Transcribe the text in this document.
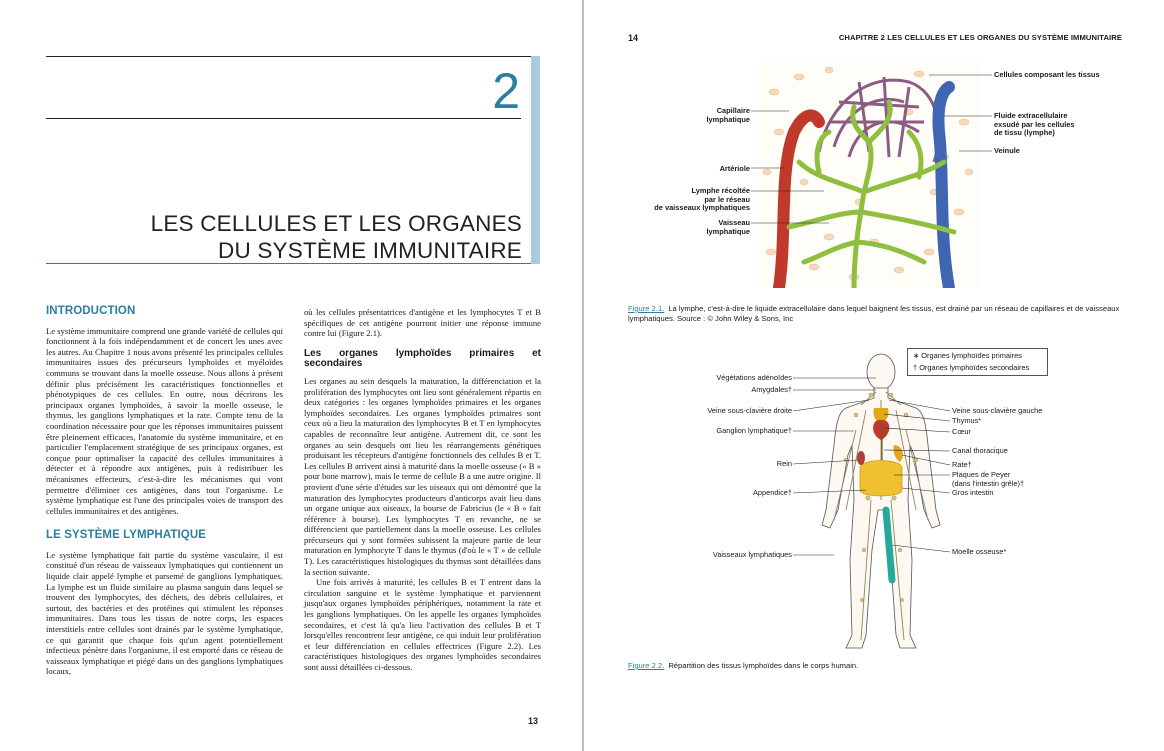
2
LES CELLULES ET LES ORGANES
DU SYSTÈME IMMUNITAIRE
INTRODUCTION

Le système immunitaire comprend une grande variété de cellules qui fonctionnent à la fois indépendamment et de concert les unes avec les autres. Au Chapitre 1 nous avons présenté les principales cellules immunitaires issues des précurseurs lymphoïdes et myéloïdes communs se trouvant dans la moelle osseuse. Nous allons à présent définir plus précisément les caractéristiques fonctionnelles et phénotypiques de ces cellules. En outre, nous décrirons les principaux organes lymphoïdes, à savoir la moelle osseuse, le thymus, les ganglions lymphatiques et la rate. Compte tenu de la coordination nécessaire pour que les réponses immunitaires puissent être pleinement efficaces, l'anatomie du système immunitaire, et en particulier l'emplacement stratégique de ses principaux organes, est conçue pour optimaliser la capacité des cellules immunitaires à détecter et à répondre aux antigènes, puis à redistribuer les mécanismes effecteurs, c'est-à-dire les mécanismes qui vont permettre d'éliminer ces antigènes, dans tout l'organisme. Le système lymphatique est l'une des principales voies de transport des cellules immunitaires et des antigènes.

LE SYSTÈME LYMPHATIQUE

Le système lymphatique fait partie du système vasculaire, il est constitué d'un réseau de vaisseaux lymphatiques qui contiennent un liquide clair appelé lymphe et parsemé de ganglions lymphatiques. La lymphe est un fluide similaire au plasma sanguin dans lequel se trouvent des lymphocytes, des déchets, des débris cellulaires, et surtout, des bactéries et des protéines qui stimulent les réponses immunitaires. Dans tous les tissus de notre corps, les espaces interstitiels entre cellules sont drainés par le système lymphatique, ce qui garantit que chaque fois qu'un agent potentiellement infectieux pénètre dans l'organisme, il est emporté dans ce réseau de vaisseaux lymphatique et piégé dans un des ganglions lymphatiques locaux,

où les cellules présentatrices d'antigène et les lymphocytes T et B spécifiques de cet antigène pourront initier une réponse immune contre lui (Figure 2.1).

Les organes lymphoïdes primaires et secondaires

Les organes au sein desquels la maturation, la différenciation et la prolifération des lymphocytes ont lieu sont généralement répartis en deux catégories : les organes lymphoïdes primaires et les organes lymphoïdes secondaires. Les organes lymphoïdes primaires sont ceux où a lieu la maturation des lymphocytes B et T en lymphocytes capables de reconnaître leur antigène. Autrement dit, ce sont les organes au sein desquels ont lieu les réarrangements génétiques produisant les récepteurs d'antigène fonctionnels des cellules B et T. Les cellules B arrivent ainsi à maturité dans la moelle osseuse (« B » pour bone marrow), mais le terme de cellule B a une autre origine. Il provient d'une série d'études sur les oiseaux qui ont démontré que la maturation des lymphocytes producteurs d'anticorps avait lieu dans un organe unique aux oiseaux, la bourse de Fabricius (le « B » fait référence à bourse). Les lymphocytes T en revanche, ne se différencient que partiellement dans la moelle osseuse. Les cellules précurseurs qui y sont formées subissent la majeure partie de leur maturation en lymphocyte T dans le thymus (d'où le « T » de cellule T). Les caractéristiques histologiques du thymus sont détaillées dans la section suivante.

Une fois arrivés à maturité, les cellules B et T entrent dans la circulation sanguine et le système lymphatique et parviennent jusqu'aux organes lymphoïdes périphériques, notamment la rate et les ganglions lymphatiques. On les appelle les organes lymphoïdes secondaires, et c'est là qu'a lieu l'activation des cellules B et T lorsqu'elles rencontrent leur antigène, ce qui induit leur prolifération et leur différenciation en cellules effectrices (Figure 2.2). Les caractéristiques histologiques des organes lymphoïdes secondaires sont aussi détaillées ci-dessous.

13
14	CHAPITRE 2 LES CELLULES ET LES ORGANES DU SYSTÈME IMMUNITAIRE
Capillaire
lymphatique
Artériole
Lymphe récoltée
par le réseau
de vaisseaux lymphatiques
Vaisseau
lymphatique
Cellules composant les tissus
Fluide extracellulaire
exsudé par les cellules
de tissu (lymphe)
Veinule
Figure 2.1. La lymphe, c'est-à-dire le liquide extracellulaire dans lequel baignent les tissus, est drainé par un réseau de capillaires et de vaisseaux lymphatiques. Source : © John Wiley & Sons, Inc
∗ Organes lymphoïdes primaires
† Organes lymphoïdes secondaires
Végétations adénoïdes
Amygdales†
Veine sous-clavière droite
Ganglion lymphatique†
Rein
Appendice†
Vaisseaux lymphatiques
Veine sous-clavière gauche
Thymus*
Cœur
Canal thoracique
Rate†
Plaques de Peyer
(dans l'intestin grêle)†
Gros intestin
Moelle osseuse*
Figure 2.2. Répartition des tissus lymphoïdes dans le corps humain.
